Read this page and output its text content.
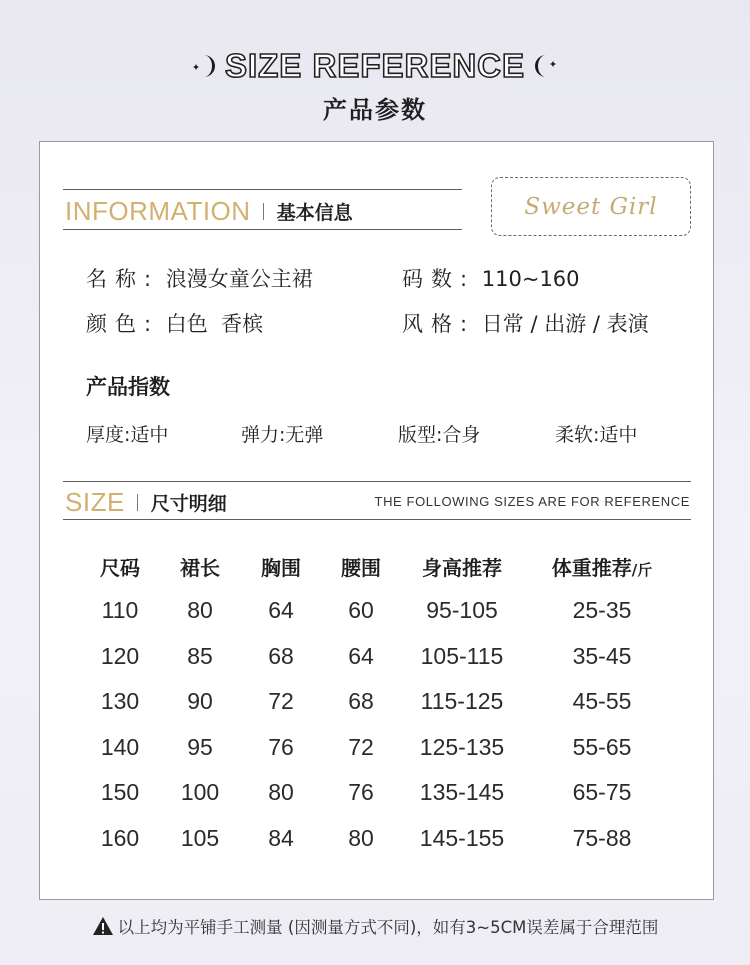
SIZE REFERENCE
产品参数
INFORMATION 基本信息	Sweet Girl
名称: 浪漫女童公主裙	码数: 110~160
颜色: 白色  香槟	风格: 日常 / 出游 / 表演
产品指数
厚度:适中	弹力:无弹	版型:合身	柔软:适中
SIZE 尺寸明细	THE FOLLOWING SIZES ARE FOR REFERENCE
尺码	裙长	胸围	腰围	身高推荐	体重推荐/斤
110	80	64	60	95-105	25-35
120	85	68	64	105-115	35-45
130	90	72	68	115-125	45-55
140	95	76	72	125-135	55-65
150	100	80	76	135-145	65-75
160	105	84	80	145-155	75-88
以上均为平铺手工测量 (因测量方式不同)，如有3~5CM误差属于合理范围
